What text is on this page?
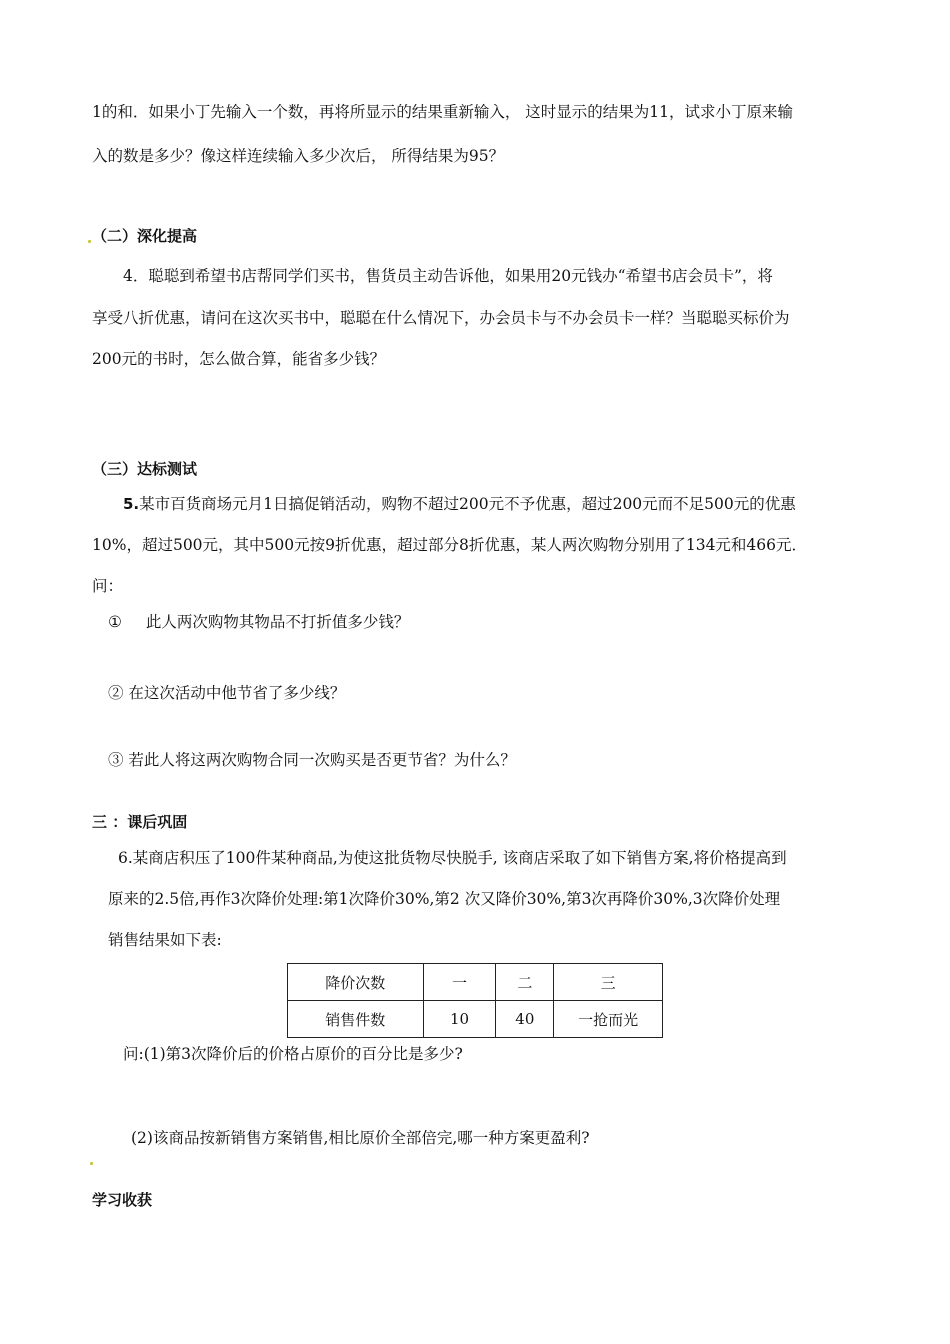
1的和．如果小丁先输入一个数，再将所显示的结果重新输入， 这时显示的结果为11，试求小丁原来输
入的数是多少？像这样连续输入多少次后， 所得结果为95？
（二）深化提高
4．聪聪到希望书店帮同学们买书，售货员主动告诉他，如果用20元钱办“希望书店会员卡”，将
享受八折优惠，请问在这次买书中，聪聪在什么情况下，办会员卡与不办会员卡一样？当聪聪买标价为
200元的书时，怎么做合算，能省多少钱？
（三）达标测试
5.某市百货商场元月1日搞促销活动，购物不超过200元不予优惠，超过200元而不足500元的优惠
10%，超过500元，其中500元按9折优惠，超过部分8折优惠，某人两次购物分别用了134元和466元．
问：
① 此人两次购物其物品不打折值多少钱？
② 在这次活动中他节省了多少线？
③ 若此人将这两次购物合同一次购买是否更节省？为什么？
三 ：课后巩固
6.某商店积压了100件某种商品,为使这批货物尽快脱手, 该商店采取了如下销售方案,将价格提高到
原来的2.5倍,再作3次降价处理:第1次降价30%,第2 次又降价30%,第3次再降价30%,3次降价处理
销售结果如下表:
降价次数	一	二	三
销售件数	10	40	一抢而光
问:(1)第3次降价后的价格占原价的百分比是多少?
(2)该商品按新销售方案销售,相比原价全部倍完,哪一种方案更盈利?
学习收获
